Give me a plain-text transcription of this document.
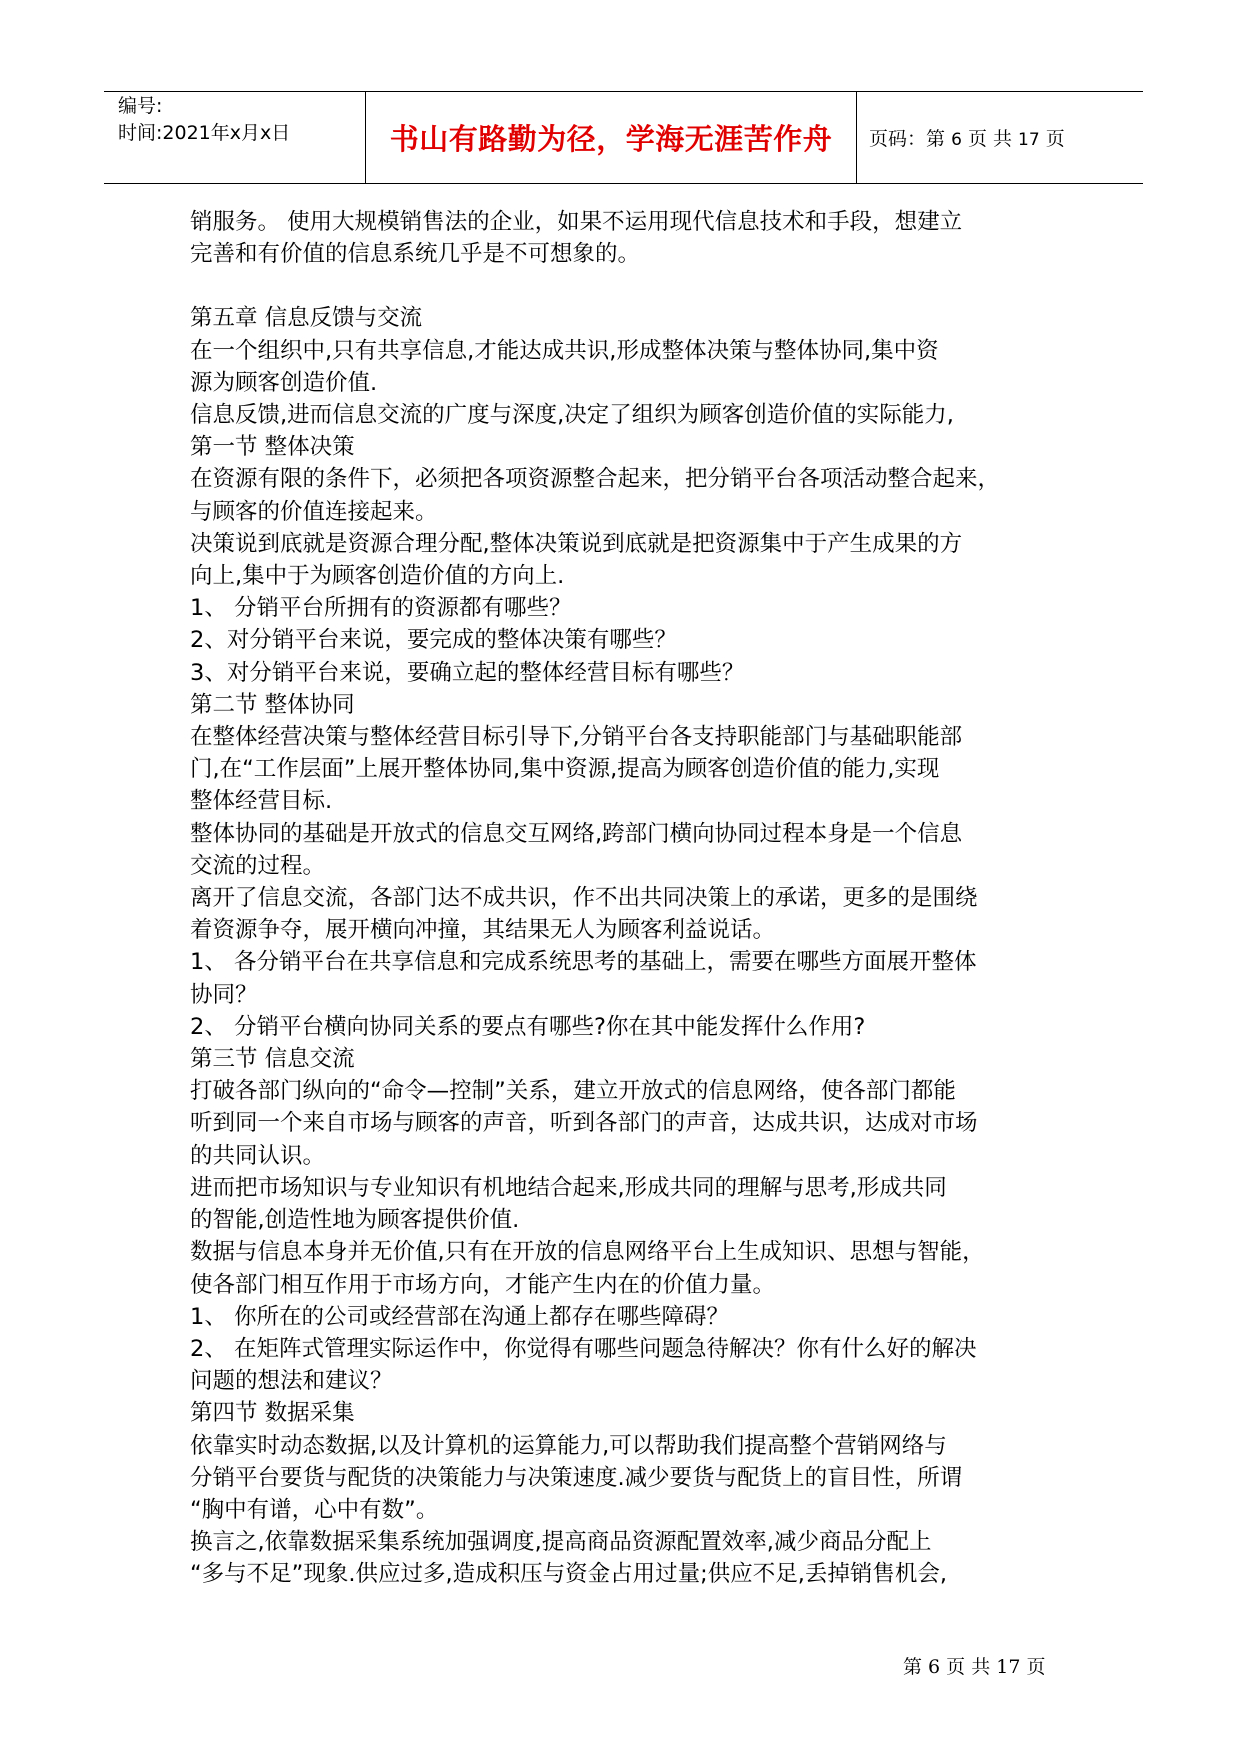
编号:
时间:2021年x月x日	书山有路勤为径，学海无涯苦作舟 页码：第 6 页 共 17 页

销服务。 使用大规模销售法的企业，如果不运用现代信息技术和手段，想建立

完善和有价值的信息系统几乎是不可想象的。

第五章 信息反馈与交流

在一个组织中,只有共享信息,才能达成共识,形成整体决策与整体协同,集中资

源为顾客创造价值.

信息反馈,进而信息交流的广度与深度,决定了组织为顾客创造价值的实际能力,

第一节 整体决策

在资源有限的条件下，必须把各项资源整合起来，把分销平台各项活动整合起来，

与顾客的价值连接起来。

决策说到底就是资源合理分配,整体决策说到底就是把资源集中于产生成果的方

向上,集中于为顾客创造价值的方向上.

1、 分销平台所拥有的资源都有哪些？

2、对分销平台来说，要完成的整体决策有哪些？

3、对分销平台来说，要确立起的整体经营目标有哪些？

第二节 整体协同

在整体经营决策与整体经营目标引导下,分销平台各支持职能部门与基础职能部

门,在“工作层面”上展开整体协同,集中资源,提高为顾客创造价值的能力,实现

整体经营目标.

整体协同的基础是开放式的信息交互网络,跨部门横向协同过程本身是一个信息

交流的过程。

离开了信息交流，各部门达不成共识，作不出共同决策上的承诺，更多的是围绕

着资源争夺，展开横向冲撞，其结果无人为顾客利益说话。

1、 各分销平台在共享信息和完成系统思考的基础上，需要在哪些方面展开整体

协同？

2、 分销平台横向协同关系的要点有哪些?你在其中能发挥什么作用?

第三节 信息交流

打破各部门纵向的“命令—控制”关系，建立开放式的信息网络，使各部门都能

听到同一个来自市场与顾客的声音，听到各部门的声音，达成共识，达成对市场

的共同认识。

进而把市场知识与专业知识有机地结合起来,形成共同的理解与思考,形成共同

的智能,创造性地为顾客提供价值.

数据与信息本身并无价值,只有在开放的信息网络平台上生成知识、思想与智能，

使各部门相互作用于市场方向，才能产生内在的价值力量。

1、 你所在的公司或经营部在沟通上都存在哪些障碍？

2、 在矩阵式管理实际运作中，你觉得有哪些问题急待解决？你有什么好的解决

问题的想法和建议？

第四节 数据采集

依靠实时动态数据,以及计算机的运算能力,可以帮助我们提高整个营销网络与

分销平台要货与配货的决策能力与决策速度.减少要货与配货上的盲目性，所谓

“胸中有谱，心中有数”。

换言之,依靠数据采集系统加强调度,提高商品资源配置效率,减少商品分配上

“多与不足”现象.供应过多,造成积压与资金占用过量;供应不足,丢掉销售机会,

第 6 页 共 17 页
